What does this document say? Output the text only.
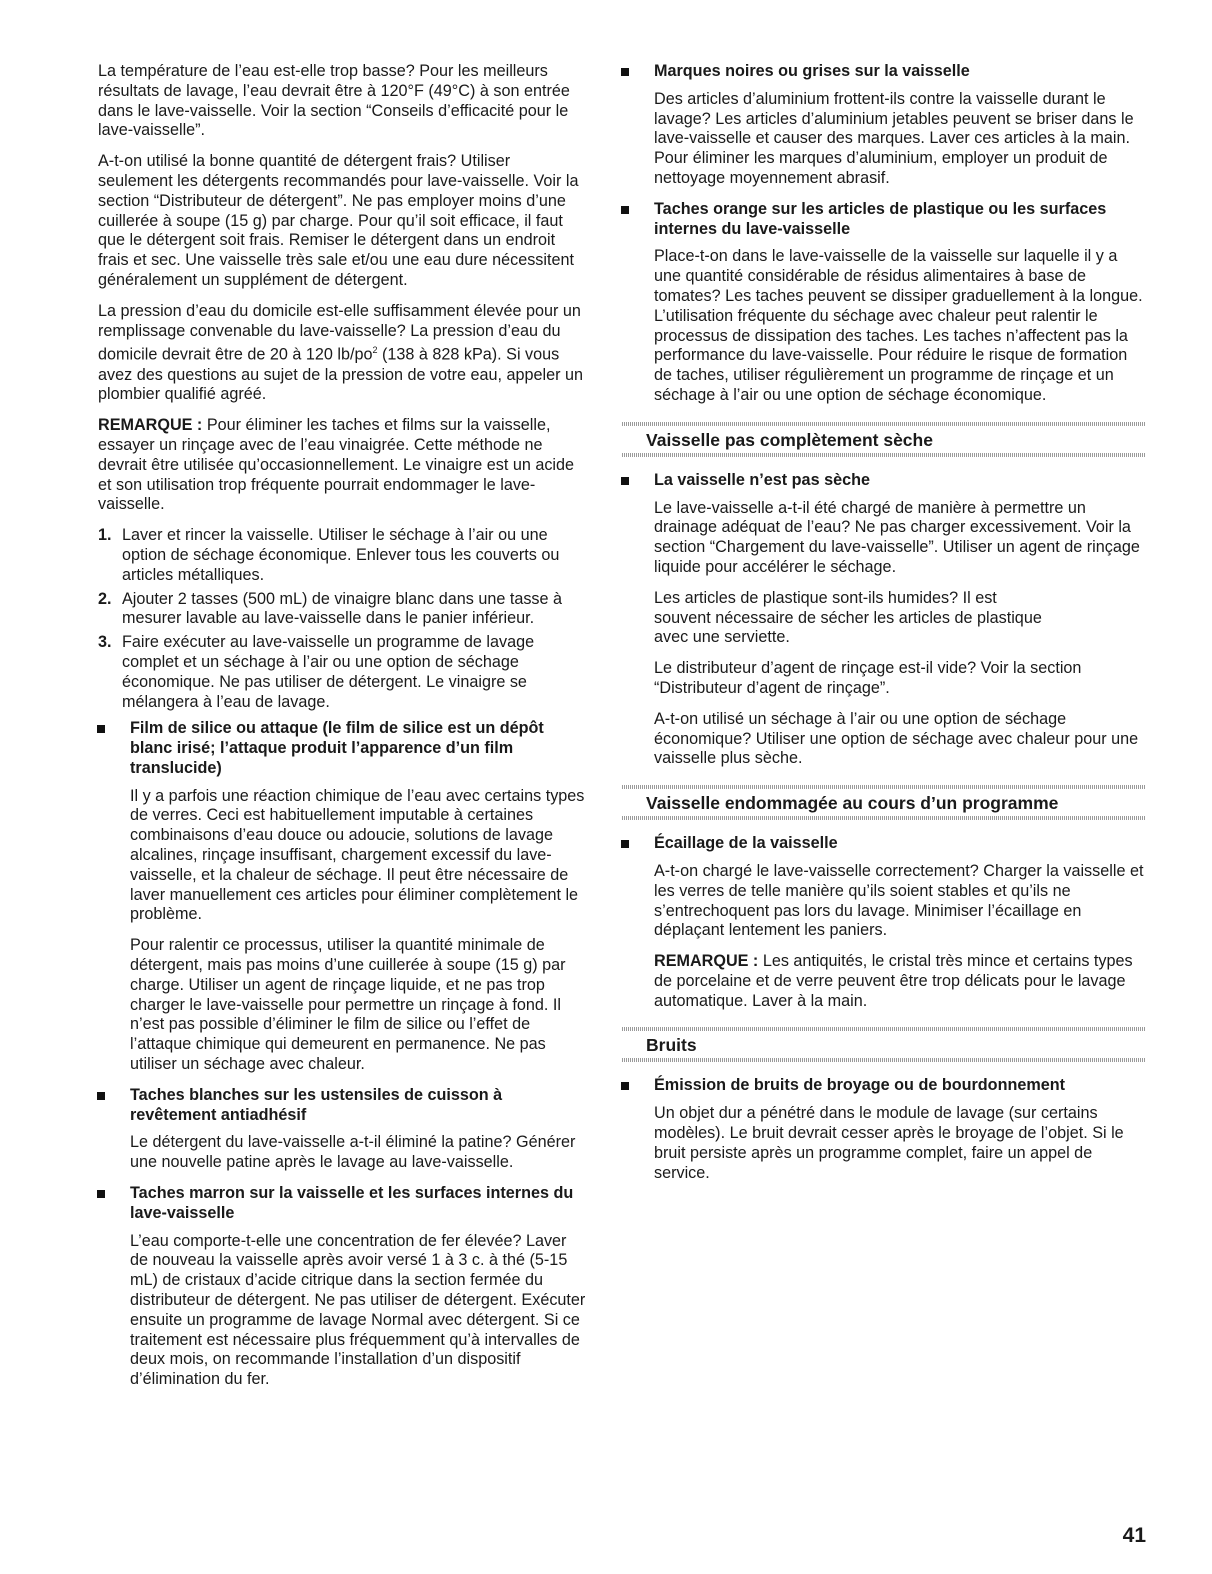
La température de l’eau est-elle trop basse? Pour les meilleurs résultats de lavage, l’eau devrait être à 120°F (49°C) à son entrée dans le lave-vaisselle. Voir la section “Conseils d’efficacité pour le lave-vaisselle”.

A-t-on utilisé la bonne quantité de détergent frais? Utiliser seulement les détergents recommandés pour lave-vaisselle. Voir la section “Distributeur de détergent”. Ne pas employer moins d’une cuillerée à soupe (15 g) par charge. Pour qu’il soit efficace, il faut que le détergent soit frais. Remiser le détergent dans un endroit frais et sec. Une vaisselle très sale et/ou une eau dure nécessitent généralement un supplément de détergent.

La pression d’eau du domicile est-elle suffisamment élevée pour un remplissage convenable du lave-vaisselle? La pression d’eau du domicile devrait être de 20 à 120 $lb/po^2$ (138 à 828 kPa). Si vous avez des questions au sujet de la pression de votre eau, appeler un plombier qualifié agréé.

REMARQUE : Pour éliminer les taches et films sur la vaisselle, essayer un rinçage avec de l’eau vinaigrée. Cette méthode ne devrait être utilisée qu’occasionnellement. Le vinaigre est un acide et son utilisation trop fréquente pourrait endommager le lave-vaisselle.

1. Laver et rincer la vaisselle. Utiliser le séchage à l’air ou une option de séchage économique. Enlever tous les couverts ou articles métalliques.
2. Ajouter 2 tasses (500 mL) de vinaigre blanc dans une tasse à mesurer lavable au lave-vaisselle dans le panier inférieur.
3. Faire exécuter au lave-vaisselle un programme de lavage complet et un séchage à l’air ou une option de séchage économique. Ne pas utiliser de détergent. Le vinaigre se mélangera à l’eau de lavage.
Film de silice ou attaque (le film de silice est un dépôt blanc irisé; l’attaque produit l’apparence d’un film translucide)

Il y a parfois une réaction chimique de l’eau avec certains types de verres. Ceci est habituellement imputable à certaines combinaisons d’eau douce ou adoucie, solutions de lavage alcalines, rinçage insuffisant, chargement excessif du lave-vaisselle, et la chaleur de séchage. Il peut être nécessaire de laver manuellement ces articles pour éliminer complètement le problème.

Pour ralentir ce processus, utiliser la quantité minimale de détergent, mais pas moins d’une cuillerée à soupe (15 g) par charge. Utiliser un agent de rinçage liquide, et ne pas trop charger le lave-vaisselle pour permettre un rinçage à fond. Il n’est pas possible d’éliminer le film de silice ou l’effet de l’attaque chimique qui demeurent en permanence. Ne pas utiliser un séchage avec chaleur.

Taches blanches sur les ustensiles de cuisson à revêtement antiadhésif

Le détergent du lave-vaisselle a-t-il éliminé la patine? Générer une nouvelle patine après le lavage au lave-vaisselle.

Taches marron sur la vaisselle et les surfaces internes du lave-vaisselle

L’eau comporte-t-elle une concentration de fer élevée? Laver de nouveau la vaisselle après avoir versé 1 à 3 c. à thé (5-15 mL) de cristaux d’acide citrique dans la section fermée du distributeur de détergent. Ne pas utiliser de détergent. Exécuter ensuite un programme de lavage Normal avec détergent. Si ce traitement est nécessaire plus fréquemment qu’à intervalles de deux mois, on recommande l’installation d’un dispositif d’élimination du fer.

Marques noires ou grises sur la vaisselle

Des articles d’aluminium frottent-ils contre la vaisselle durant le lavage? Les articles d’aluminium jetables peuvent se briser dans le lave-vaisselle et causer des marques. Laver ces articles à la main. Pour éliminer les marques d’aluminium, employer un produit de nettoyage moyennement abrasif.

Taches orange sur les articles de plastique ou les surfaces internes du lave-vaisselle

Place-t-on dans le lave-vaisselle de la vaisselle sur laquelle il y a une quantité considérable de résidus alimentaires à base de tomates? Les taches peuvent se dissiper graduellement à la longue. L’utilisation fréquente du séchage avec chaleur peut ralentir le processus de dissipation des taches. Les taches n’affectent pas la performance du lave-vaisselle. Pour réduire le risque de formation de taches, utiliser régulièrement un programme de rinçage et un séchage à l’air ou une option de séchage économique.

Vaisselle pas complètement sèche
La vaisselle n’est pas sèche

Le lave-vaisselle a-t-il été chargé de manière à permettre un drainage adéquat de l’eau? Ne pas charger excessivement. Voir la section “Chargement du lave-vaisselle”. Utiliser un agent de rinçage liquide pour accélérer le séchage.

Les articles de plastique sont-ils humides? Il est
souvent nécessaire de sécher les articles de plastique
avec une serviette.

Le distributeur d’agent de rinçage est-il vide? Voir la section “Distributeur d’agent de rinçage”.

A-t-on utilisé un séchage à l’air ou une option de séchage économique? Utiliser une option de séchage avec chaleur pour une vaisselle plus sèche.

Vaisselle endommagée au cours d’un programme
Écaillage de la vaisselle

A-t-on chargé le lave-vaisselle correctement? Charger la vaisselle et les verres de telle manière qu’ils soient stables et qu’ils ne s’entrechoquent pas lors du lavage. Minimiser l’écaillage en déplaçant lentement les paniers.

REMARQUE : Les antiquités, le cristal très mince et certains types de porcelaine et de verre peuvent être trop délicats pour le lavage automatique. Laver à la main.

Bruits
Émission de bruits de broyage ou de bourdonnement

Un objet dur a pénétré dans le module de lavage (sur certains modèles). Le bruit devrait cesser après le broyage de l’objet. Si le bruit persiste après un programme complet, faire un appel de service.

41
